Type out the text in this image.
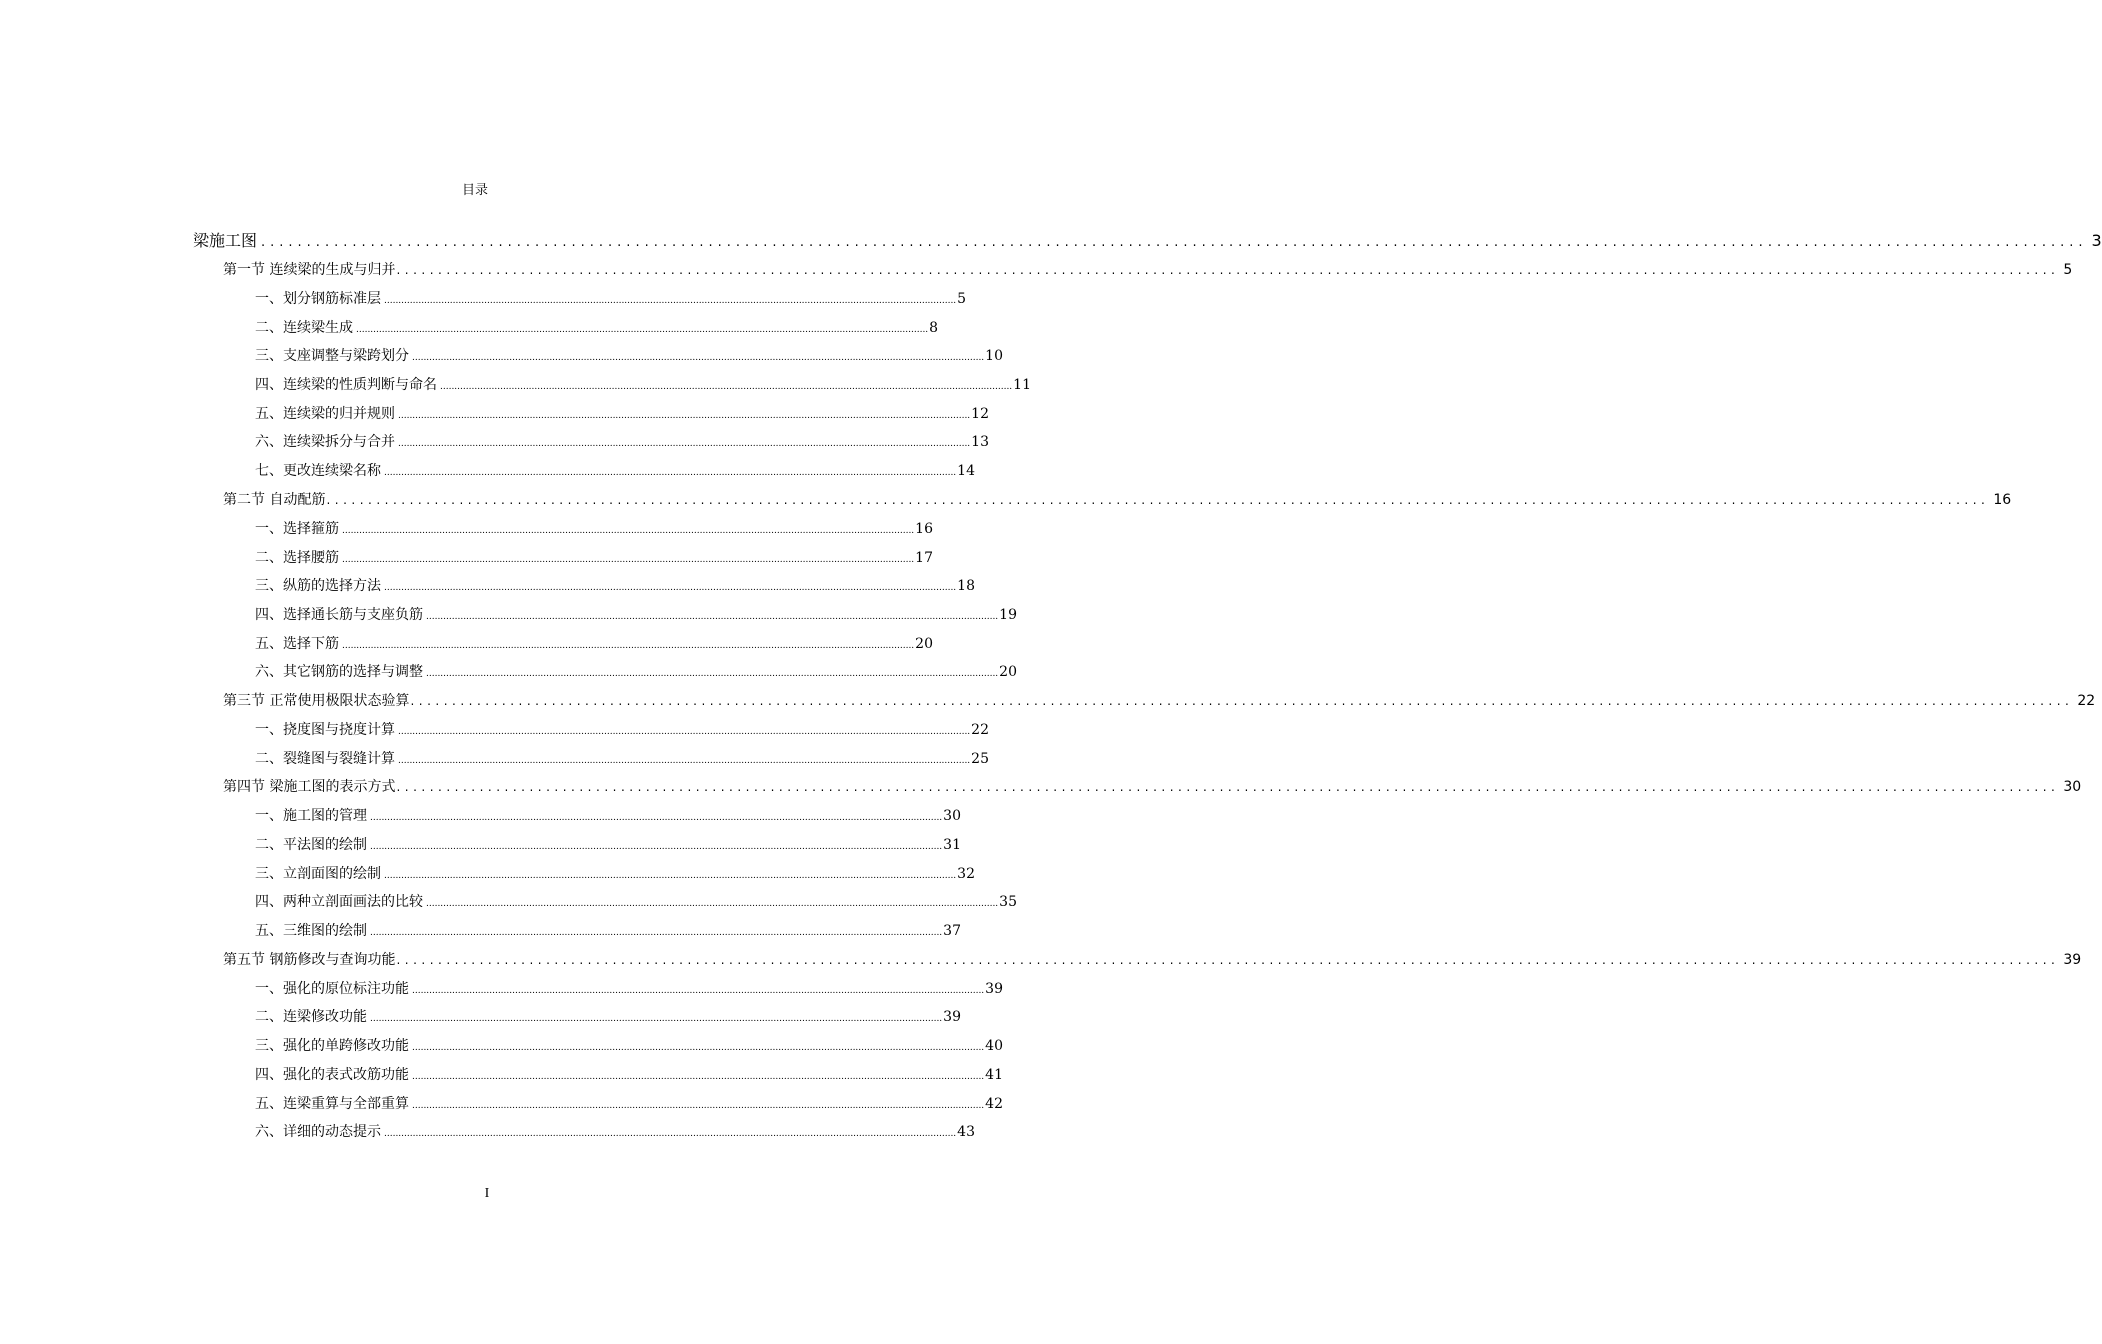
目录
梁施工图 ........................................................................................................................................................................................................ 3
第一节 连续梁的生成与归并 ........................................................................................................................................................................................................ 5
一、划分钢筋标准层 ........................................................................................................................................................................................................ 5
二、连续梁生成 ........................................................................................................................................................................................................ 8
三、支座调整与梁跨划分 ........................................................................................................................................................................................................ 10
四、连续梁的性质判断与命名 ........................................................................................................................................................................................................ 11
五、连续梁的归并规则 ........................................................................................................................................................................................................ 12
六、连续梁拆分与合并 ........................................................................................................................................................................................................ 13
七、更改连续梁名称 ........................................................................................................................................................................................................ 14
第二节 自动配筋 ........................................................................................................................................................................................................ 16
一、选择箍筋 ........................................................................................................................................................................................................ 16
二、选择腰筋 ........................................................................................................................................................................................................ 17
三、纵筋的选择方法 ........................................................................................................................................................................................................ 18
四、选择通长筋与支座负筋 ........................................................................................................................................................................................................ 19
五、选择下筋 ........................................................................................................................................................................................................ 20
六、其它钢筋的选择与调整 ........................................................................................................................................................................................................ 20
第三节 正常使用极限状态验算 ........................................................................................................................................................................................................ 22
一、挠度图与挠度计算 ........................................................................................................................................................................................................ 22
二、裂缝图与裂缝计算 ........................................................................................................................................................................................................ 25
第四节 梁施工图的表示方式 ........................................................................................................................................................................................................ 30
一、施工图的管理 ........................................................................................................................................................................................................ 30
二、平法图的绘制 ........................................................................................................................................................................................................ 31
三、立剖面图的绘制 ........................................................................................................................................................................................................ 32
四、两种立剖面画法的比较 ........................................................................................................................................................................................................ 35
五、三维图的绘制 ........................................................................................................................................................................................................ 37
第五节 钢筋修改与查询功能 ........................................................................................................................................................................................................ 39
一、强化的原位标注功能 ........................................................................................................................................................................................................ 39
二、连梁修改功能 ........................................................................................................................................................................................................ 39
三、强化的单跨修改功能 ........................................................................................................................................................................................................ 40
四、强化的表式改筋功能 ........................................................................................................................................................................................................ 41
五、连梁重算与全部重算 ........................................................................................................................................................................................................ 42
六、详细的动态提示 ........................................................................................................................................................................................................ 43
I
